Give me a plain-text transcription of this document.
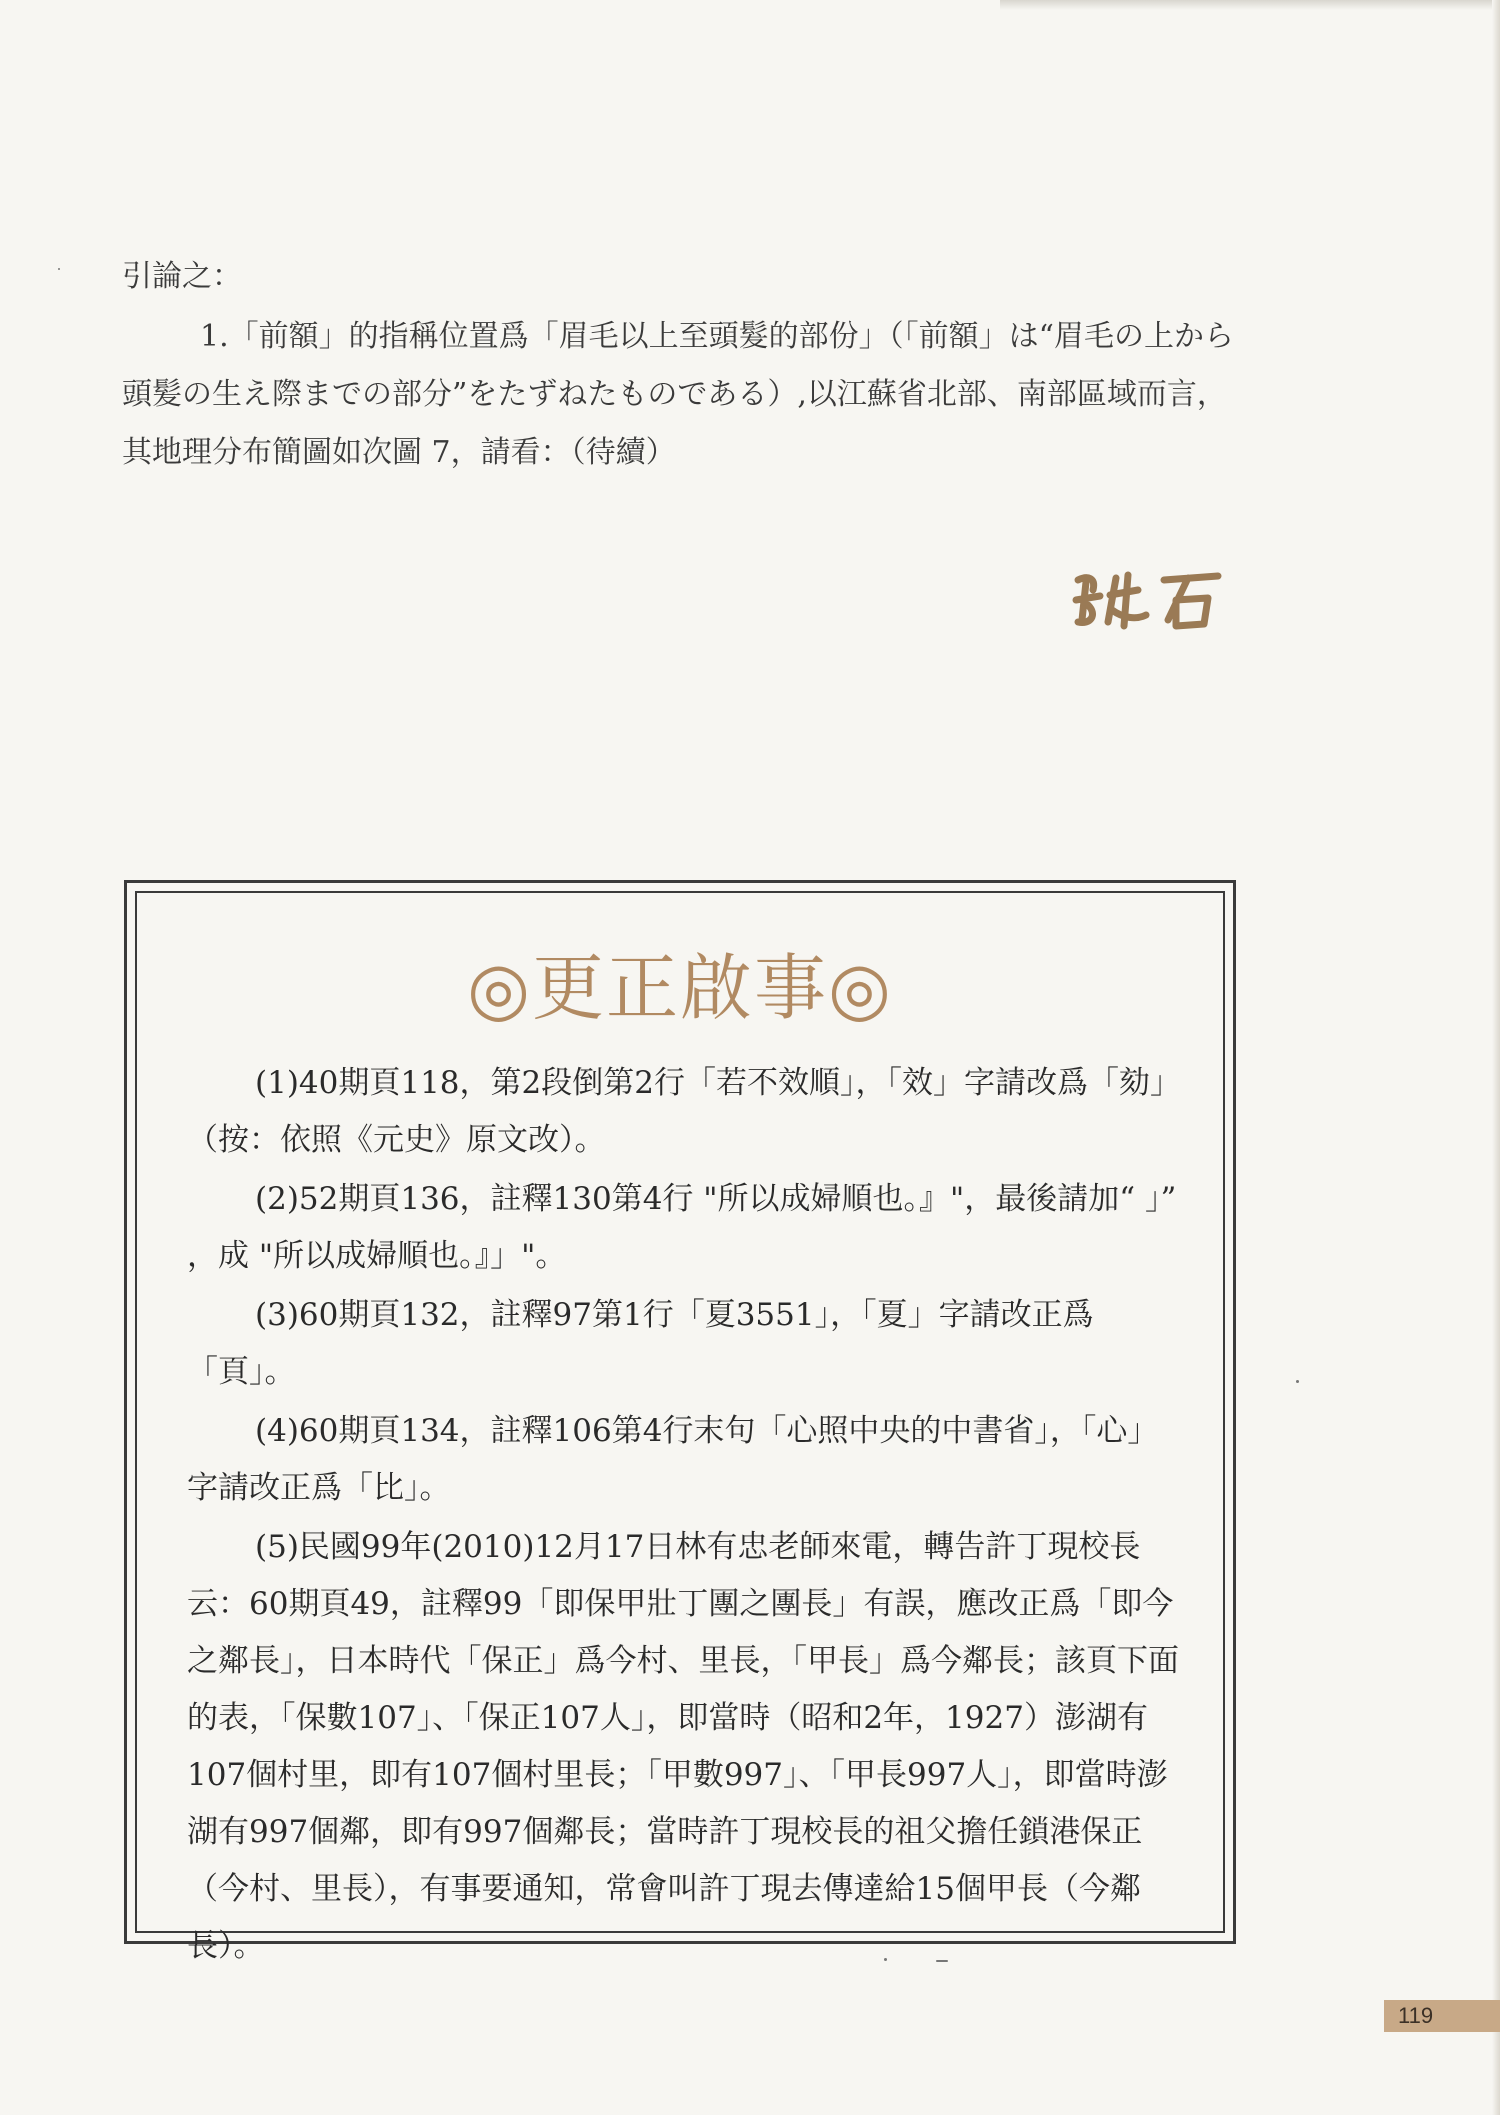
引論之：

1.「前額」的指稱位置爲「眉毛以上至頭髮的部份」（「前額」は“眉毛の上から頭髪の生え際までの部分”をたずねたものである）,以江蘇省北部、南部區域而言，其地理分布簡圖如次圖 7，請看：（待續）

◎更正啟事◎

(1)40期頁118，第2段倒第2行「若不效順」，「效」字請改爲「劾」（按：依照《元史》原文改）。

(2)52期頁136，註釋130第4行 "所以成婦順也。』"，最後請加“ 」” ，成 "所以成婦順也。』」"。

(3)60期頁132，註釋97第1行「夏3551」，「夏」字請改正爲「頁」。

(4)60期頁134，註釋106第4行末句「心照中央的中書省」，「心」字請改正爲「比」。

(5)民國99年(2010)12月17日林有忠老師來電，轉告許丁現校長云：60期頁49，註釋99「即保甲壯丁團之團長」有誤，應改正爲「即今之鄰長」，日本時代「保正」爲今村、里長，「甲長」爲今鄰長；該頁下面的表，「保數107」、「保正107人」，即當時（昭和2年，1927）澎湖有107個村里，即有107個村里長；「甲數997」、「甲長997人」，即當時澎湖有997個鄰，即有997個鄰長；當時許丁現校長的祖父擔任鎖港保正（今村、里長），有事要通知，常會叫許丁現去傳達給15個甲長（今鄰長）。

119
